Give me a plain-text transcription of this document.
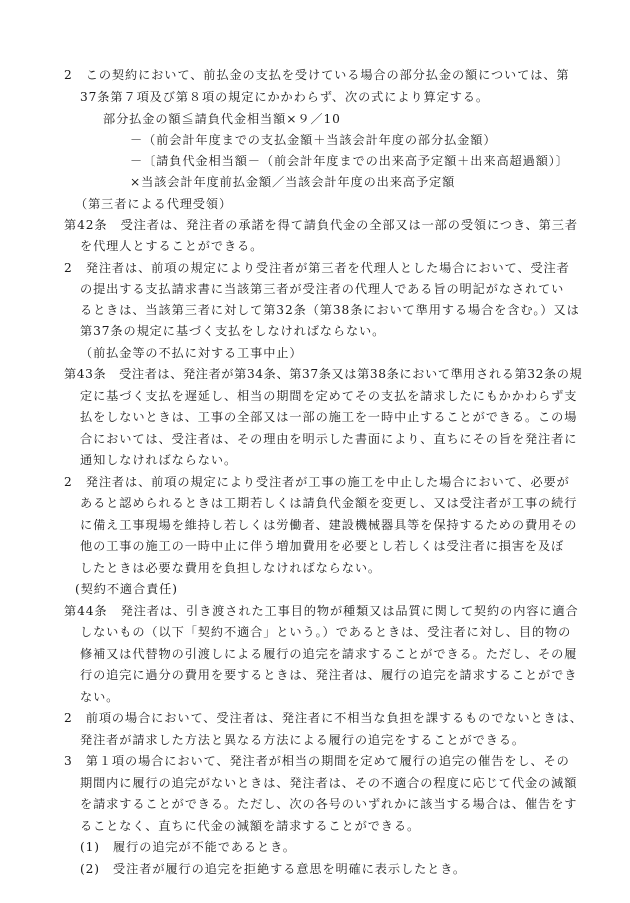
2　この契約において、前払金の支払を受けている場合の部分払金の額については、第
37条第７項及び第８項の規定にかかわらず、次の式により算定する。
部分払金の額≦請負代金相当額×９／10
－（前会計年度までの支払金額＋当該会計年度の部分払金額）
－〔請負代金相当額－（前会計年度までの出来高予定額＋出来高超過額）〕
×当該会計年度前払金額／当該会計年度の出来高予定額
（第三者による代理受領）
第42条　受注者は、発注者の承諾を得て請負代金の全部又は一部の受領につき、第三者
を代理人とすることができる。
2　発注者は、前項の規定により受注者が第三者を代理人とした場合において、受注者
の提出する支払請求書に当該第三者が受注者の代理人である旨の明記がなされてい
るときは、当該第三者に対して第32条（第38条において準用する場合を含む。）又は
第37条の規定に基づく支払をしなければならない。
（前払金等の不払に対する工事中止）
第43条　受注者は、発注者が第34条、第37条又は第38条において準用される第32条の規
定に基づく支払を遅延し、相当の期間を定めてその支払を請求したにもかかわらず支
払をしないときは、工事の全部又は一部の施工を一時中止することができる。この場
合においては、受注者は、その理由を明示した書面により、直ちにその旨を発注者に
通知しなければならない。
2　発注者は、前項の規定により受注者が工事の施工を中止した場合において、必要が
あると認められるときは工期若しくは請負代金額を変更し、又は受注者が工事の続行
に備え工事現場を維持し若しくは労働者、建設機械器具等を保持するための費用その
他の工事の施工の一時中止に伴う増加費用を必要とし若しくは受注者に損害を及ぼ
したときは必要な費用を負担しなければならない。
(契約不適合責任)
第44条　発注者は、引き渡された工事目的物が種類又は品質に関して契約の内容に適合
しないもの（以下「契約不適合」という。）であるときは、受注者に対し、目的物の
修補又は代替物の引渡しによる履行の追完を請求することができる。ただし、その履
行の追完に過分の費用を要するときは、発注者は、履行の追完を請求することができ
ない。
2　前項の場合において、受注者は、発注者に不相当な負担を課するものでないときは、
発注者が請求した方法と異なる方法による履行の追完をすることができる。
3　第１項の場合において、発注者が相当の期間を定めて履行の追完の催告をし、その
期間内に履行の追完がないときは、発注者は、その不適合の程度に応じて代金の減額
を請求することができる。ただし、次の各号のいずれかに該当する場合は、催告をす
ることなく、直ちに代金の減額を請求することができる。
(1)　履行の追完が不能であるとき。
(2)　受注者が履行の追完を拒絶する意思を明確に表示したとき。
